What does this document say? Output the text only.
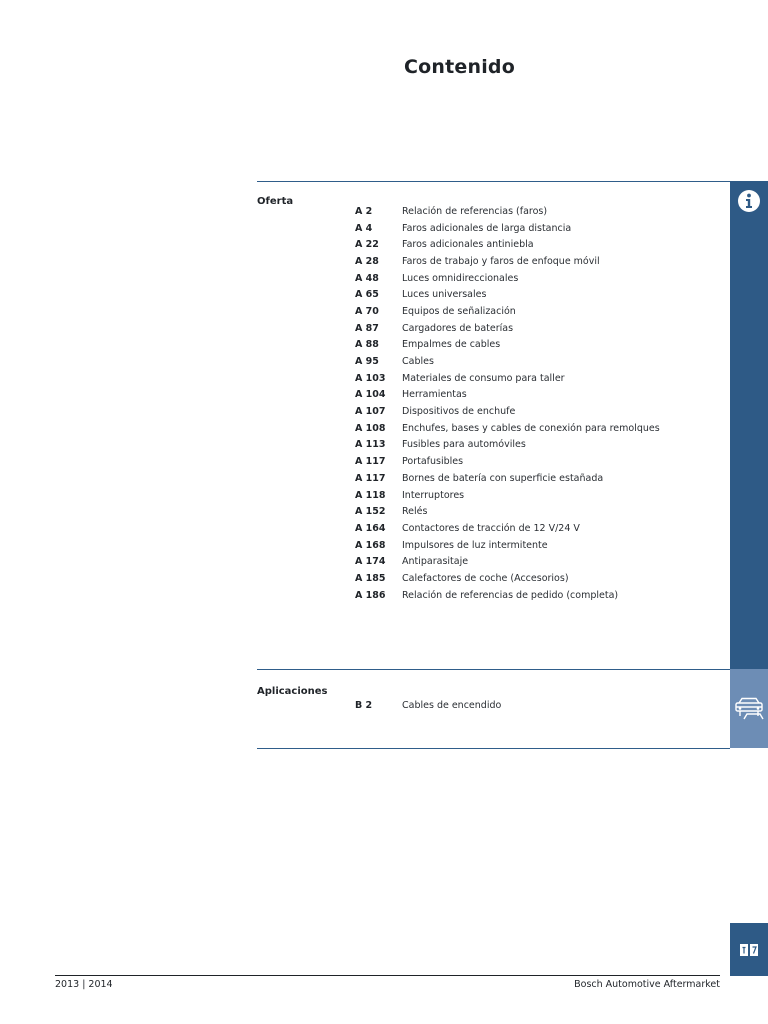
Contenido
Oferta
A 2	Relación de referencias (faros)
A 4	Faros adicionales de larga distancia
A 22	Faros adicionales antiniebla
A 28	Faros de trabajo y faros de enfoque móvil
A 48	Luces omnidireccionales
A 65	Luces universales
A 70	Equipos de señalización
A 87	Cargadores de baterías
A 88	Empalmes de cables
A 95	Cables
A 103	Materiales de consumo para taller
A 104	Herramientas
A 107	Dispositivos de enchufe
A 108	Enchufes, bases y cables de conexión para remolques
A 113	Fusibles para automóviles
A 117	Portafusibles
A 117	Bornes de batería con superficie estañada
A 118	Interruptores
A 152	Relés
A 164	Contactores de tracción de 12 V/24 V
A 168	Impulsores de luz intermitente
A 174	Antiparasitaje
A 185	Calefactores de coche (Accesorios)
A 186	Relación de referencias de pedido (completa)
Aplicaciones
B 2	Cables de encendido
2013 | 2014	Bosch Automotive Aftermarket
